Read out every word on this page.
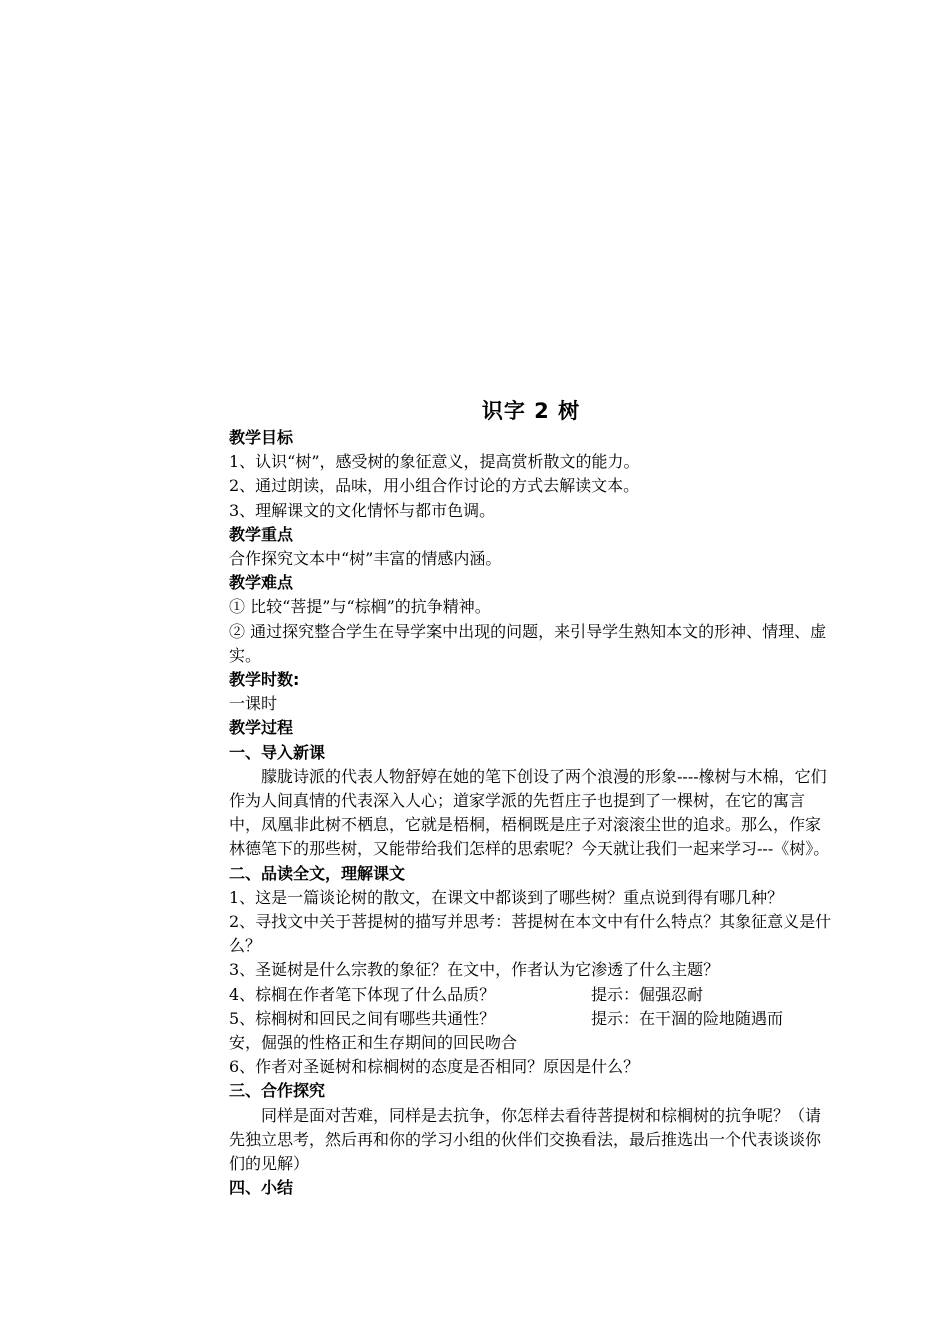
识字 2 树

教学目标

1、认识“树”，感受树的象征意义，提高赏析散文的能力。

2、通过朗读，品味，用小组合作讨论的方式去解读文本。

3、理解课文的文化情怀与都市色调。

教学重点

合作探究文本中“树”丰富的情感内涵。

教学难点

① 比较“菩提”与“棕榈”的抗争精神。

② 通过探究整合学生在导学案中出现的问题，来引导学生熟知本文的形神、情理、虚实。

教学时数:

一课时

教学过程

一、导入新课

朦胧诗派的代表人物舒婷在她的笔下创设了两个浪漫的形象----橡树与木棉，它们作为人间真情的代表深入人心；道家学派的先哲庄子也提到了一棵树，在它的寓言中，凤凰非此树不栖息，它就是梧桐，梧桐既是庄子对滚滚尘世的追求。那么，作家林德笔下的那些树，又能带给我们怎样的思索呢？今天就让我们一起来学习---《树》。

二、品读全文，理解课文

1、这是一篇谈论树的散文，在课文中都谈到了哪些树？重点说到得有哪几种？

2、寻找文中关于菩提树的描写并思考：菩提树在本文中有什么特点？其象征意义是什么？

3、圣诞树是什么宗教的象征？在文中，作者认为它渗透了什么主题？

4、棕榈在作者笔下体现了什么品质？	提示：倔强忍耐
5、棕榈树和回民之间有哪些共通性？	提示：在干涸的险地随遇而

安，倔强的性格正和生存期间的回民吻合

6、作者对圣诞树和棕榈树的态度是否相同？原因是什么？

三、合作探究

同样是面对苦难，同样是去抗争，你怎样去看待菩提树和棕榈树的抗争呢？（请先独立思考，然后再和你的学习小组的伙伴们交换看法，最后推选出一个代表谈谈你们的见解）

四、小结
